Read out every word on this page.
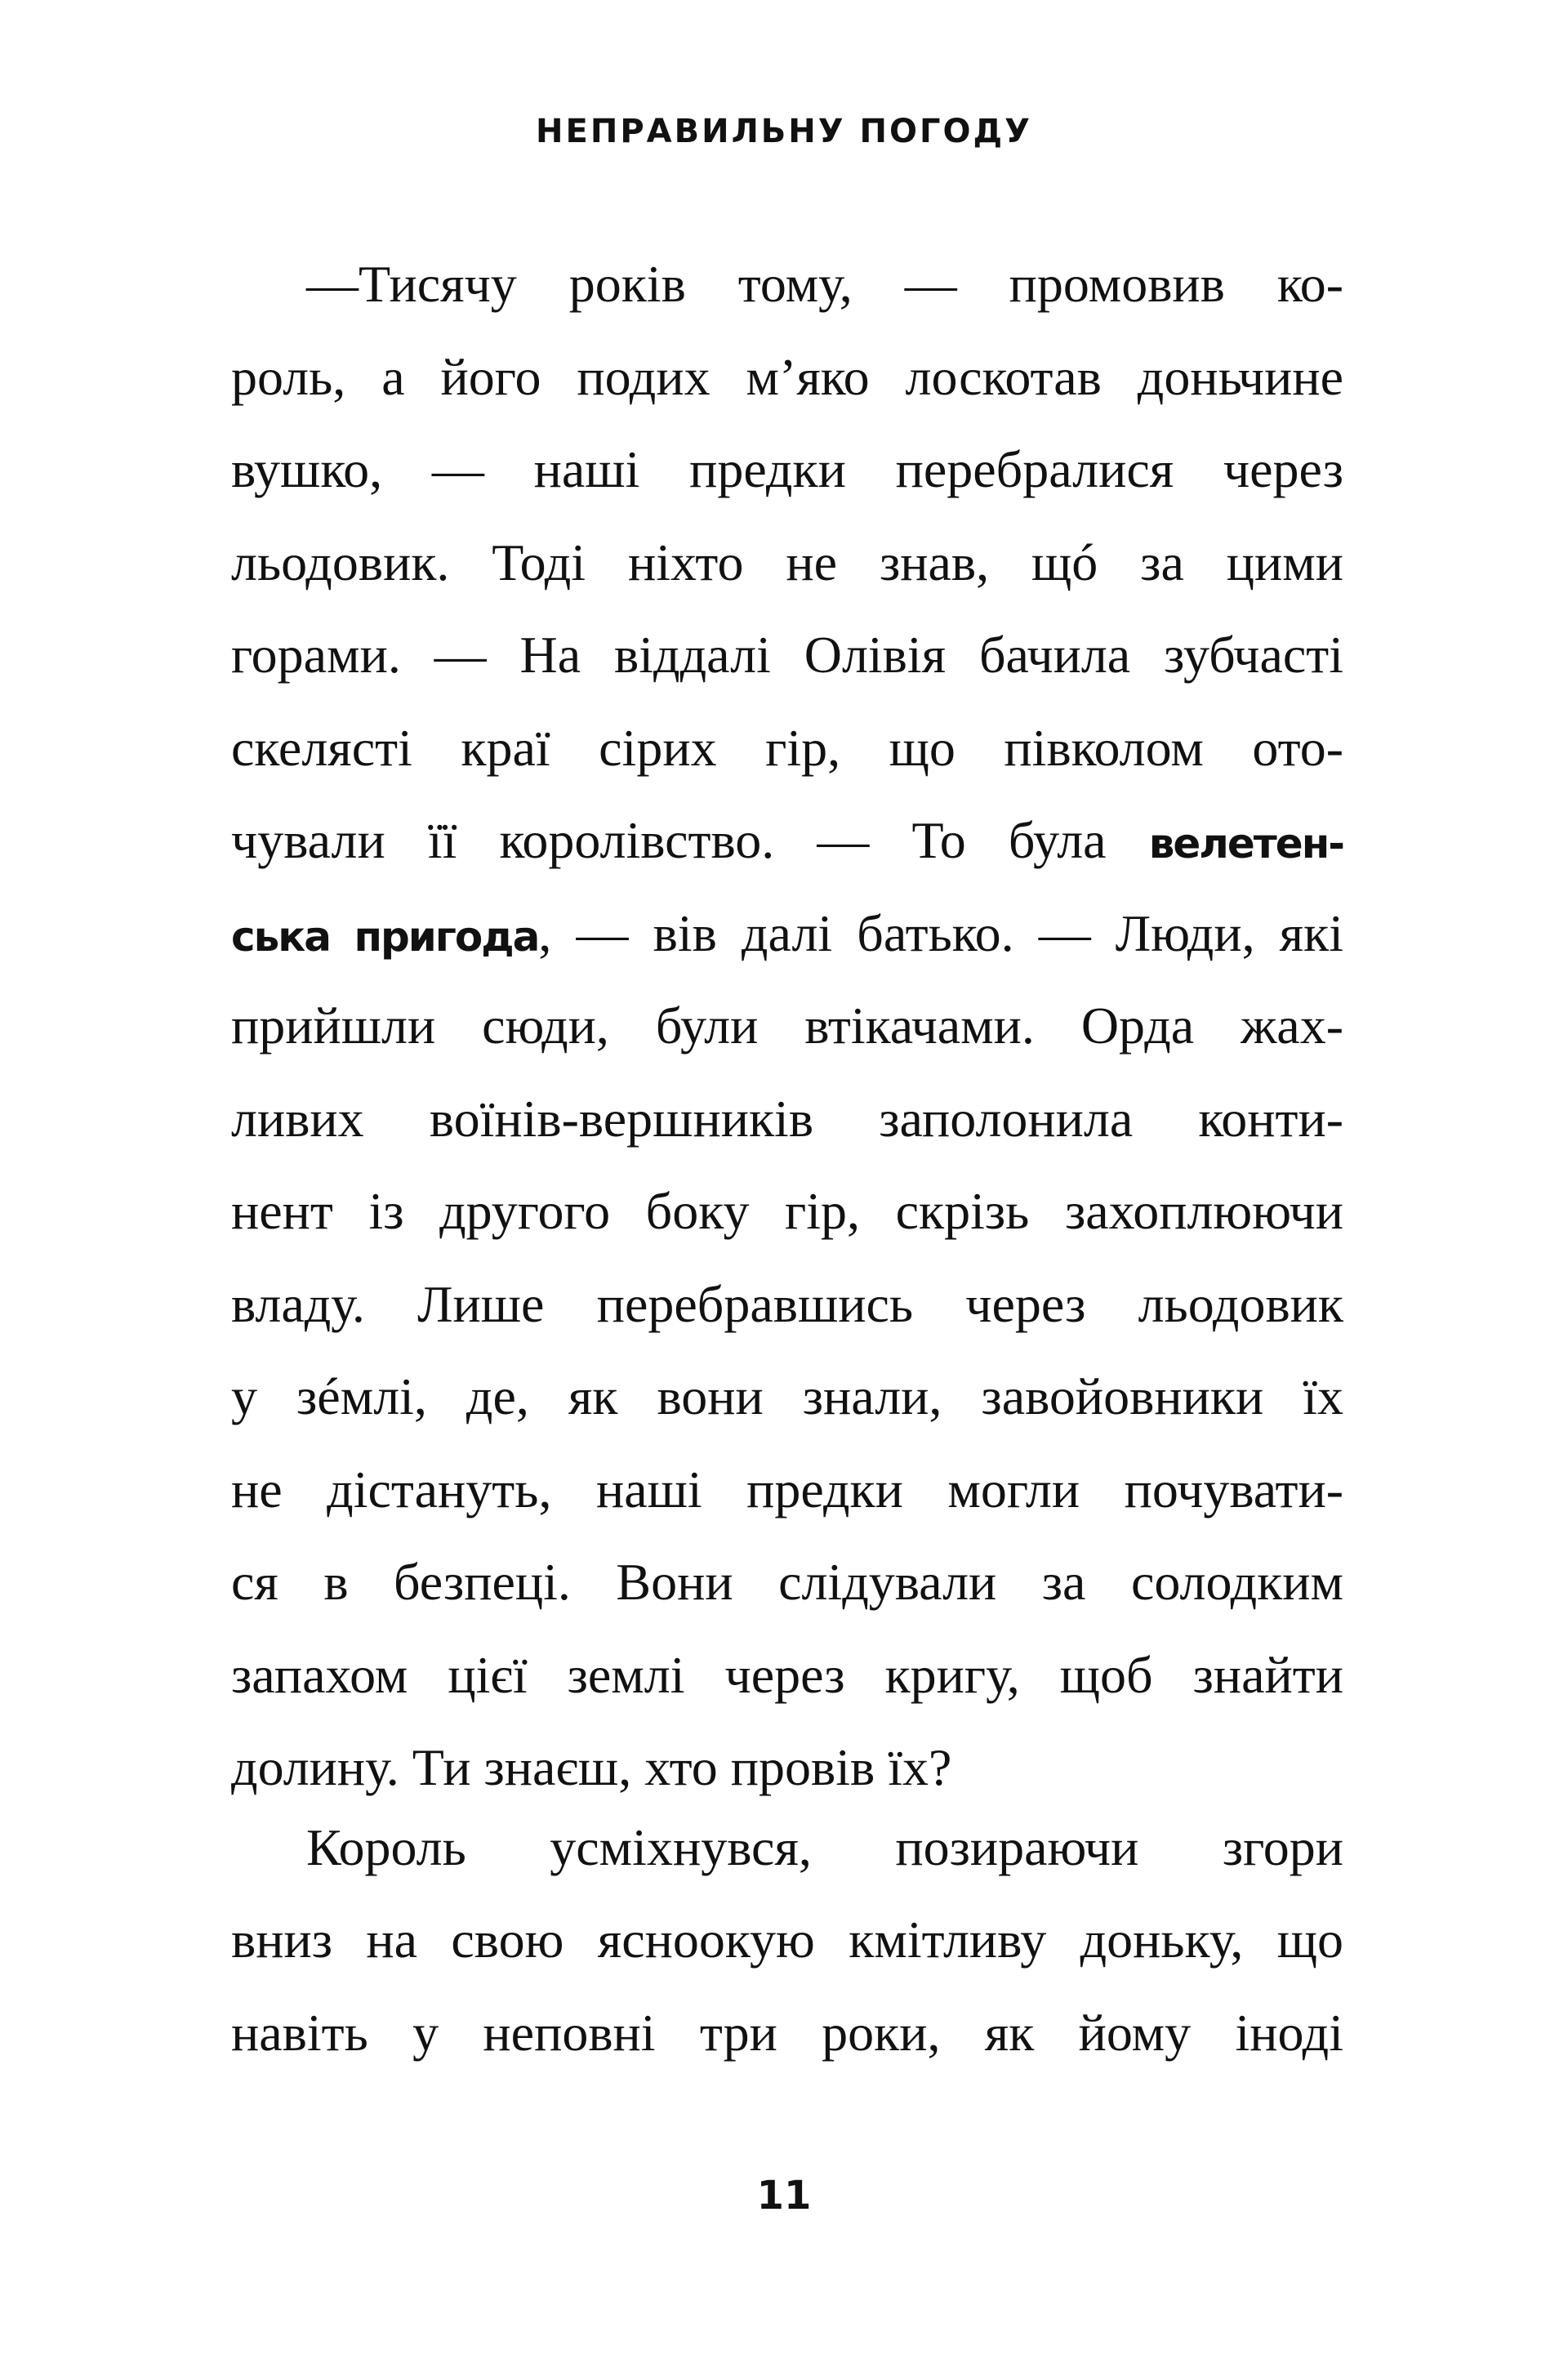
НЕПРАВИЛЬНУ ПОГОДУ
—Тисячу років тому, — промовив ко-
роль, а його подих м’яко лоскотав доньчине
вушко, — наші предки перебралися через
льодовик. Тоді ніхто не знав, щó за цими
горами. — На віддалі Олівія бачила зубчасті
скелясті краї сірих гір, що півколом ото-
чували її королівство. — То була велетен-
ська пригода, — вів далі батько. — Люди, які
прийшли сюди, були втікачами. Орда жах-
ливих воїнів-вершників заполонила конти-
нент із другого боку гір, скрізь захоплюючи
владу. Лише перебравшись через льодовик
у зéмлі, де, як вони знали, завойовники їх
не дістануть, наші предки могли почувати-
ся в безпеці. Вони слідували за солодким
запахом цієї землі через кригу, щоб знайти
долину. Ти знаєш, хто провів їх?
Король усміхнувся, позираючи згори
вниз на свою ясноокую кмітливу доньку, що
навіть у неповні три роки, як йому іноді
11
